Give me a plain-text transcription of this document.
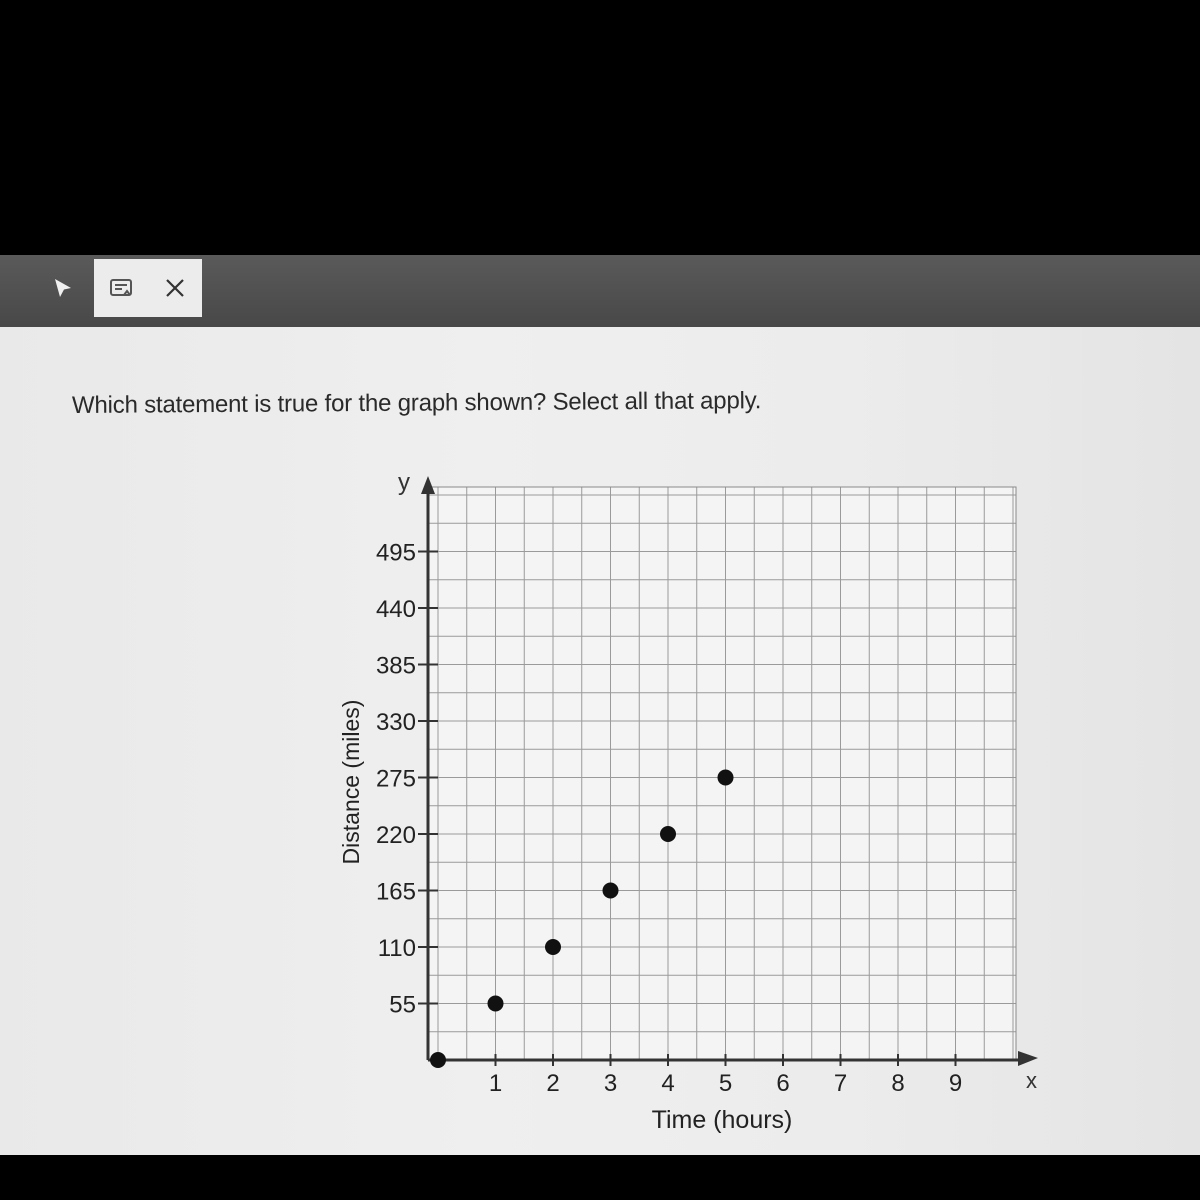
Which statement is true for the graph shown? Select all that apply.
x
y
1 2 3 4 5 6 7 8 9
55
110
165
220
275
330
385
440
495
Time (hours)
Distance (miles)
